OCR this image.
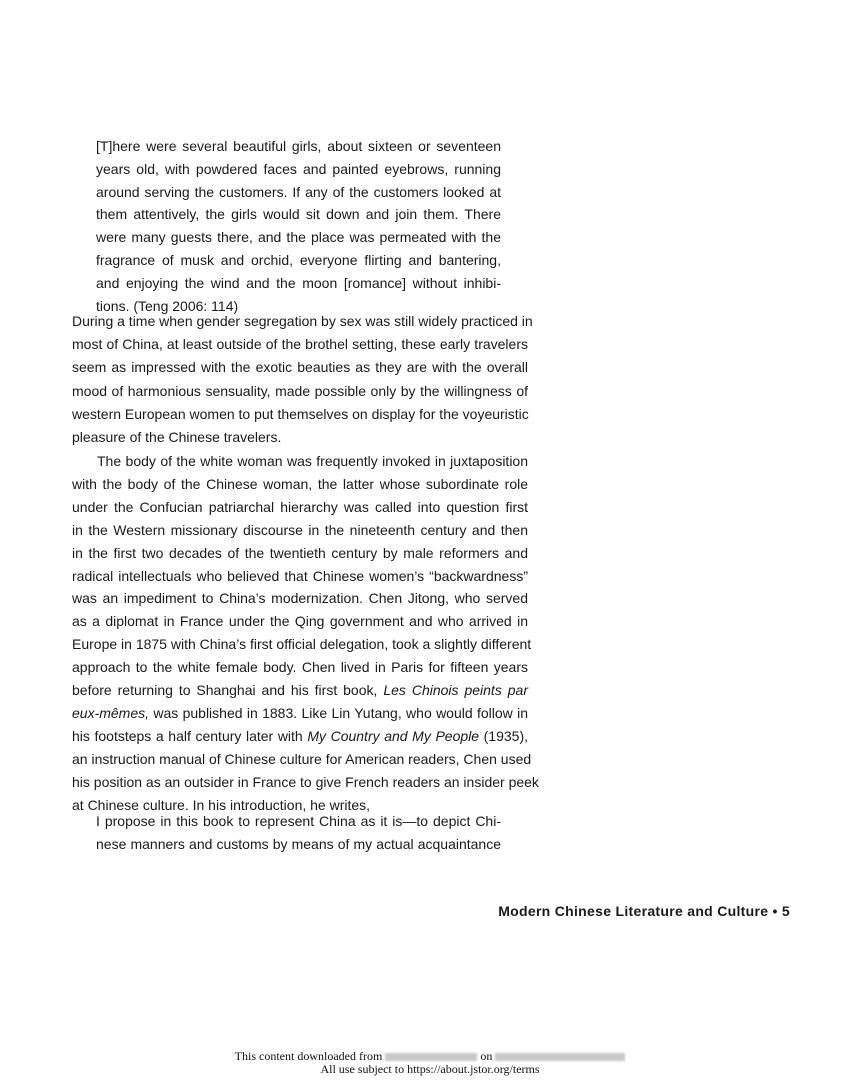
[T]here were several beautiful girls, about sixteen or seventeen
years old, with powdered faces and painted eyebrows, running
around serving the customers. If any of the customers looked at
them attentively, the girls would sit down and join them. There
were many guests there, and the place was permeated with the
fragrance of musk and orchid, everyone flirting and bantering,
and enjoying the wind and the moon [romance] without inhibi-
tions. (Teng 2006: 114)
During a time when gender segregation by sex was still widely practiced in
most of China, at least outside of the brothel setting, these early travelers
seem as impressed with the exotic beauties as they are with the overall
mood of harmonious sensuality, made possible only by the willingness of
western European women to put themselves on display for the voyeuristic
pleasure of the Chinese travelers.
The body of the white woman was frequently invoked in juxtaposition
with the body of the Chinese woman, the latter whose subordinate role
under the Confucian patriarchal hierarchy was called into question first
in the Western missionary discourse in the nineteenth century and then
in the first two decades of the twentieth century by male reformers and
radical intellectuals who believed that Chinese women’s “backwardness”
was an impediment to China’s modernization. Chen Jitong, who served
as a diplomat in France under the Qing government and who arrived in
Europe in 1875 with China’s first official delegation, took a slightly different
approach to the white female body. Chen lived in Paris for fifteen years
before returning to Shanghai and his first book, Les Chinois peints par
eux-mêmes, was published in 1883. Like Lin Yutang, who would follow in
his footsteps a half century later with My Country and My People (1935),
an instruction manual of Chinese culture for American readers, Chen used
his position as an outsider in France to give French readers an insider peek
at Chinese culture. In his introduction, he writes,
I propose in this book to represent China as it is—to depict Chi-
nese manners and customs by means of my actual acquaintance
Modern Chinese Literature and Culture • 5
This content downloaded from	on
All use subject to https://about.jstor.org/terms
